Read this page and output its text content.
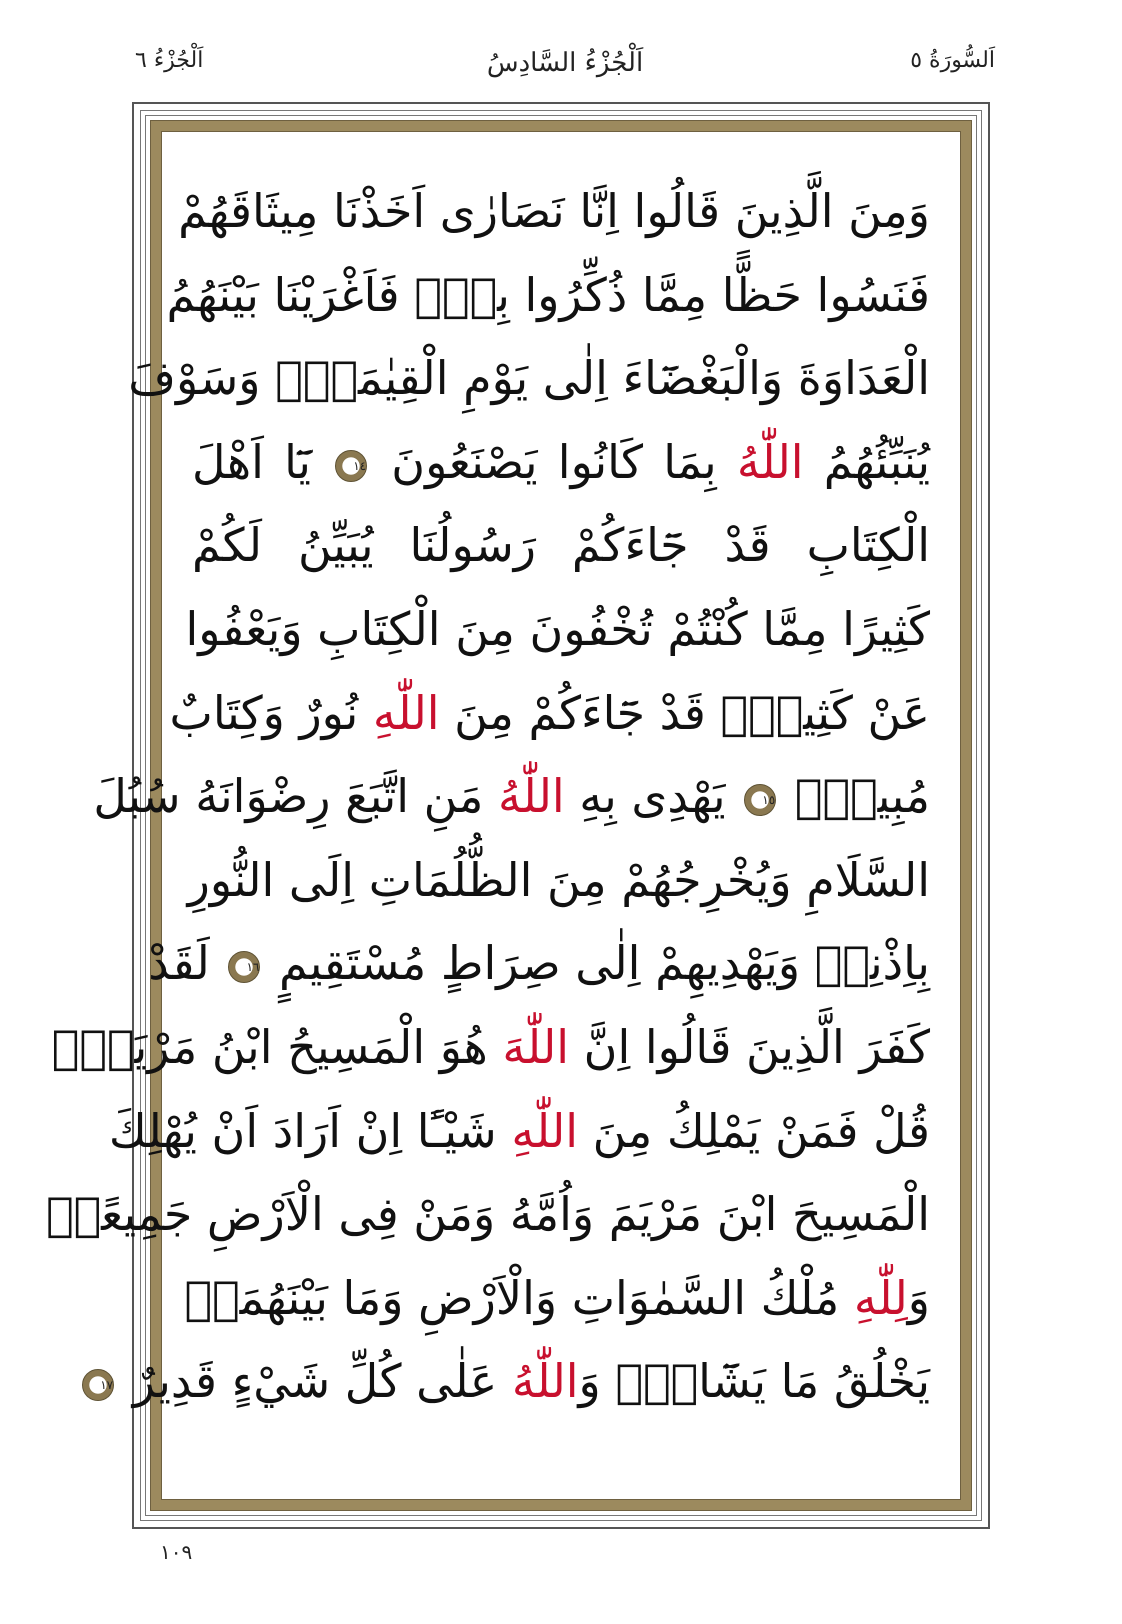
اَلسُّورَةُ ٥
اَلْجُزْءُ السَّادِسُ
اَلْجُزْءُ ٦
وَمِنَ الَّذِينَ قَالُوا اِنَّا نَصَارٰى اَخَذْنَا مِيثَاقَهُمْ
فَنَسُوا حَظًّا مِمَّا ذُكِّرُوا بِهٖۚ فَاَغْرَيْنَا بَيْنَهُمُ
الْعَدَاوَةَ وَالْبَغْضَٓاءَ اِلٰى يَوْمِ الْقِيٰمَةِۜ وَسَوْفَ
يُنَبِّئُهُمُ اللّٰهُ بِمَا كَانُوا يَصْنَعُونَ ١٤ يَٓا اَهْلَ
الْكِتَابِ قَدْ جَٓاءَكُمْ رَسُولُنَا يُبَيِّنُ لَكُمْ
كَثِيرًا مِمَّا كُنْتُمْ تُخْفُونَ مِنَ الْكِتَابِ وَيَعْفُوا
عَنْ كَثِيرٍۜ قَدْ جَٓاءَكُمْ مِنَ اللّٰهِ نُورٌ وَكِتَابٌ
مُبِينٌۙ ١٥ يَهْدِى بِهِ اللّٰهُ مَنِ اتَّبَعَ رِضْوَانَهُ سُبُلَ
السَّلَامِ وَيُخْرِجُهُمْ مِنَ الظُّلُمَاتِ اِلَى النُّورِ
بِاِذْنِهٖ وَيَهْدِيهِمْ اِلٰى صِرَاطٍ مُسْتَقِيمٍ ١٦ لَقَدْ
كَفَرَ الَّذِينَ قَالُوا اِنَّ اللّٰهَ هُوَ الْمَسِيحُ ابْنُ مَرْيَمَۜ
قُلْ فَمَنْ يَمْلِكُ مِنَ اللّٰهِ شَيْـًٔا اِنْ اَرَادَ اَنْ يُهْلِكَ
الْمَسِيحَ ابْنَ مَرْيَمَ وَاُمَّهُ وَمَنْ فِى الْاَرْضِ جَمِيعًاۜ
وَلِلّٰهِ مُلْكُ السَّمٰوَاتِ وَالْاَرْضِ وَمَا بَيْنَهُمَاۜ
يَخْلُقُ مَا يَشَٓاءُۜ وَاللّٰهُ عَلٰى كُلِّ شَيْءٍ قَدِيرٌ ١٧
١٠٩
